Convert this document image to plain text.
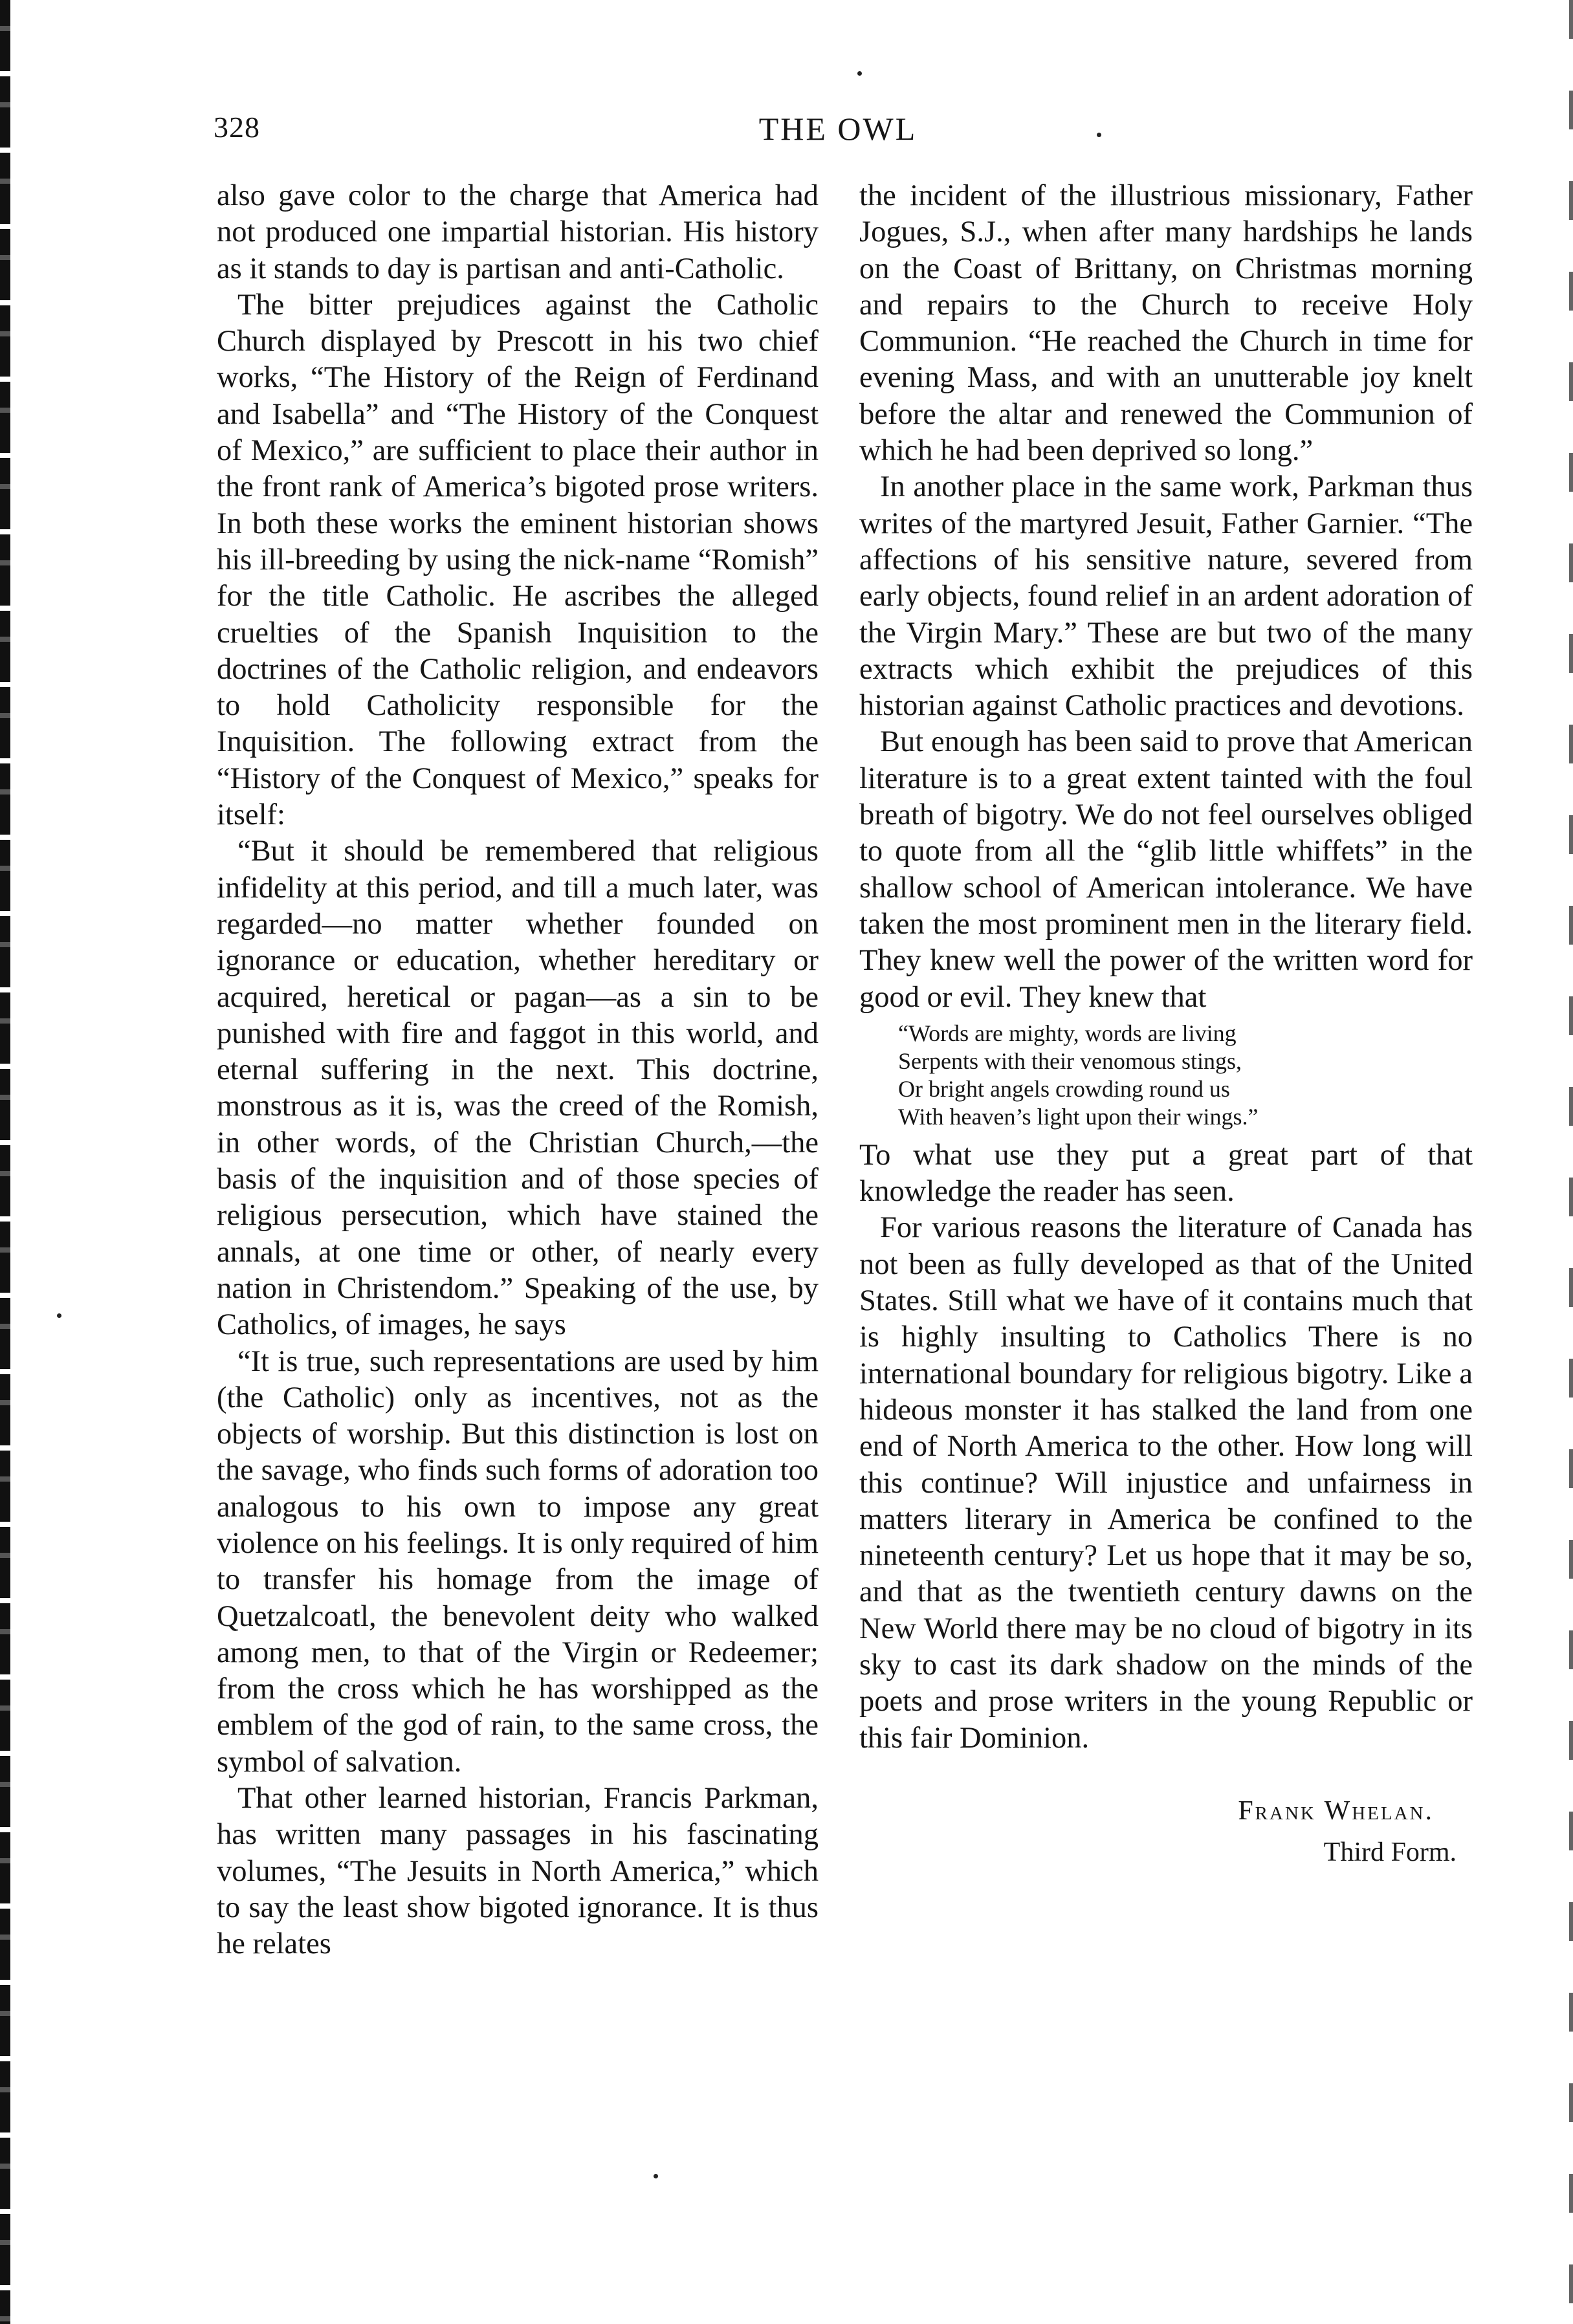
328	THE OWL

also gave color to the charge that America had not produced one impartial historian. His history as it stands to day is partisan and anti-Catholic.

The bitter prejudices against the Catholic Church displayed by Prescott in his two chief works, “The History of the Reign of Ferdinand and Isabella” and “The History of the Conquest of Mexico,” are sufficient to place their author in the front rank of America’s bigoted prose writers. In both these works the eminent historian shows his ill-breeding by using the nick-name “Romish” for the title Catholic. He ascribes the alleged cruelties of the Spanish Inquisition to the doctrines of the Catholic religion, and endeavors to hold Catholicity responsible for the Inquisition. The following extract from the “History of the Conquest of Mexico,” speaks for itself:

“But it should be remembered that religious infidelity at this period, and till a much later, was regarded—no matter whether founded on ignorance or education, whether hereditary or acquired, heretical or pagan—as a sin to be punished with fire and faggot in this world, and eternal suffering in the next. This doctrine, monstrous as it is, was the creed of the Romish, in other words, of the Christian Church,—the basis of the inquisition and of those species of religious persecution, which have stained the annals, at one time or other, of nearly every nation in Christendom.” Speaking of the use, by Catholics, of images, he says

“It is true, such representations are used by him (the Catholic) only as incentives, not as the objects of worship. But this distinction is lost on the savage, who finds such forms of adoration too analogous to his own to impose any great violence on his feelings. It is only required of him to transfer his homage from the image of Quetzalcoatl, the benevolent deity who walked among men, to that of the Virgin or Redeemer; from the cross which he has worshipped as the emblem of the god of rain, to the same cross, the symbol of salvation.

That other learned historian, Francis Parkman, has written many passages in his fascinating volumes, “The Jesuits in North America,” which to say the least show bigoted ignorance. It is thus he relates

the incident of the illustrious missionary, Father Jogues, S.J., when after many hardships he lands on the Coast of Brittany, on Christmas morning and repairs to the Church to receive Holy Communion. “He reached the Church in time for evening Mass, and with an unutterable joy knelt before the altar and renewed the Communion of which he had been deprived so long.”

In another place in the same work, Parkman thus writes of the martyred Jesuit, Father Garnier. “The affections of his sensitive nature, severed from early objects, found relief in an ardent adoration of the Virgin Mary.” These are but two of the many extracts which exhibit the prejudices of this historian against Catholic practices and devotions.

But enough has been said to prove that American literature is to a great extent tainted with the foul breath of bigotry. We do not feel ourselves obliged to quote from all the “glib little whiffets” in the shallow school of American intolerance. We have taken the most prominent men in the literary field. They knew well the power of the written word for good or evil. They knew that

“Words are mighty, words are living
Serpents with their venomous stings,
Or bright angels crowding round us
With heaven’s light upon their wings.”

To what use they put a great part of that knowledge the reader has seen.

For various reasons the literature of Canada has not been as fully developed as that of the United States. Still what we have of it contains much that is highly insulting to Catholics There is no international boundary for religious bigotry. Like a hideous monster it has stalked the land from one end of North America to the other. How long will this continue? Will injustice and unfairness in matters literary in America be confined to the nineteenth century? Let us hope that it may be so, and that as the twentieth century dawns on the New World there may be no cloud of bigotry in its sky to cast its dark shadow on the minds of the poets and prose writers in the young Republic or this fair Dominion.

Frank Whelan.
Third Form.
